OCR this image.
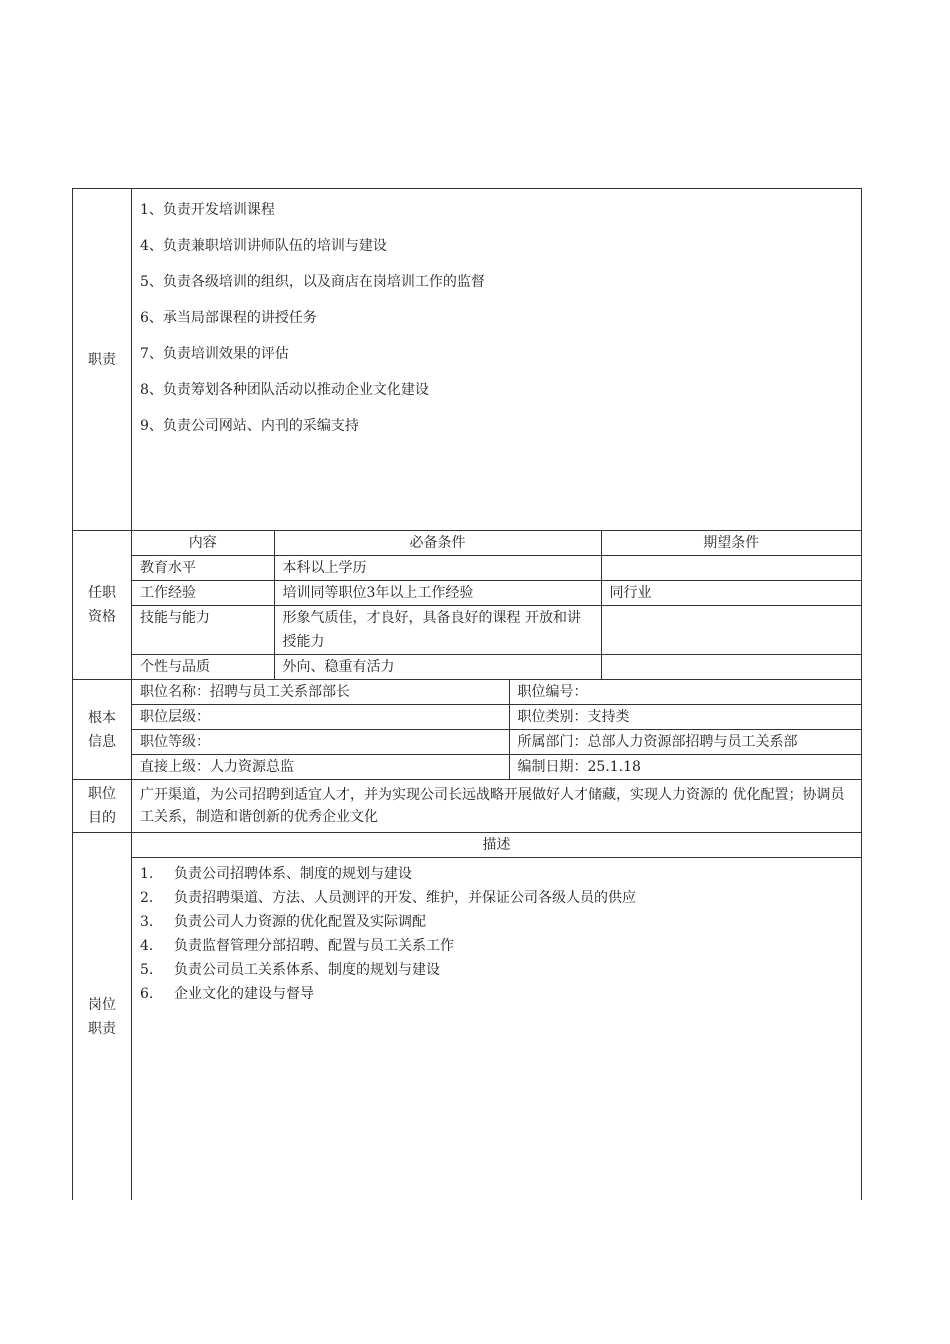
职责	
1、负责开发培训课程
4、负责兼职培训讲师队伍的培训与建设
5、负责各级培训的组织，以及商店在岗培训工作的监督
6、承当局部课程的讲授任务
7、负责培训效果的评估
8、负责筹划各种团队活动以推动企业文化建设
9、负责公司网站、内刊的采编支持

任职
资格

内容	必备条件	期望条件
教育水平	本科以上学历	
工作经验	培训同等职位3年以上工作经验	同行业
技能与能力	形象气质佳，才良好，具备良好的课程 开放和讲授能力	
个性与品质	外向、稳重有活力	

根本
信息

职位名称：招聘与员工关系部部长	职位编号：
职位层级：	职位类别：支持类
职位等级：	所属部门：总部人力资源部招聘与员工关系部
直接上级：人力资源总监	编制日期：25.1.18

职位
目的
	广开渠道，为公司招聘到适宜人才，并为实现公司长远战略开展做好人才储藏，实现人力资源的 优化配置；协调员工关系，制造和谐创新的优秀企业文化

岗位
职责

描述
1. 负责公司招聘体系、制度的规划与建设
2. 负责招聘渠道、方法、人员测评的开发、维护，并保证公司各级人员的供应
3. 负责公司人力资源的优化配置及实际调配
4. 负责监督管理分部招聘、配置与员工关系工作
5. 负责公司员工关系体系、制度的规划与建设
6. 企业文化的建设与督导
